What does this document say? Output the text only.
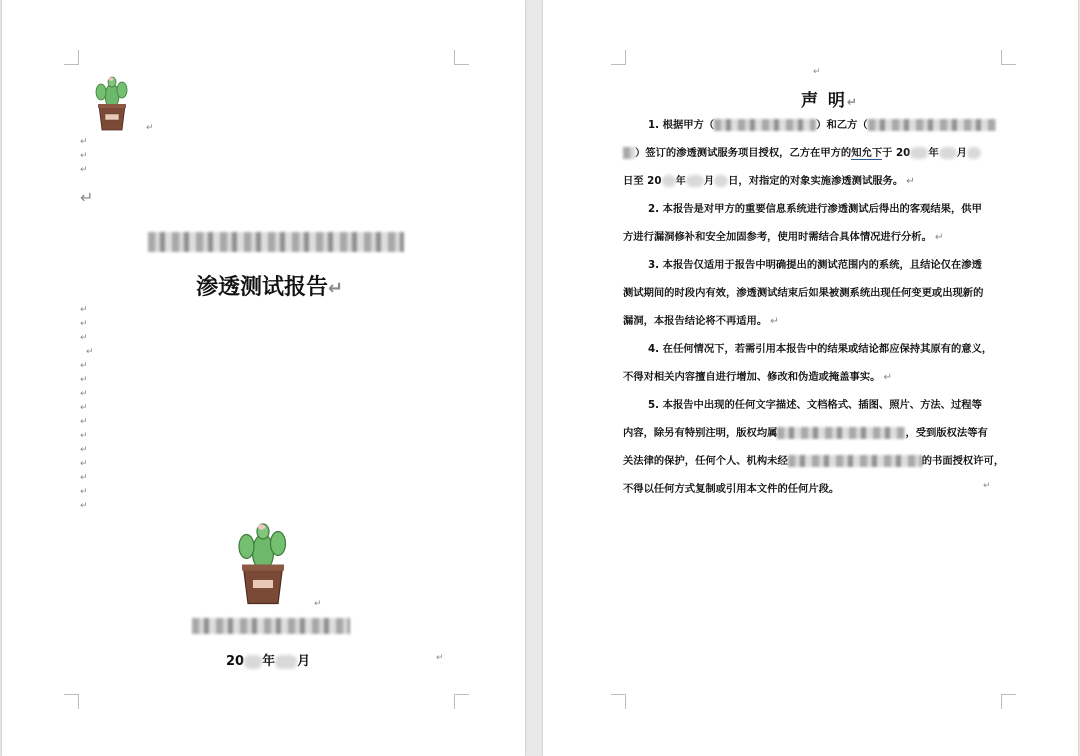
↵
↵
↵
↵
↵
渗透测试报告↵
↵
↵
↵
↵
↵
↵
↵
↵
↵
↵
↵
↵
↵
↵
↵
↵
20 年 月	↵
↵
声 明↵
1. 根据甲方（	）和乙方（
）签订的渗透测试服务项目授权，乙方在甲方的知允下于 20 年 月
日至 20 年 月 日，对指定的对象实施渗透测试服务。 ↵
2. 本报告是对甲方的重要信息系统进行渗透测试后得出的客观结果，供甲
方进行漏洞修补和安全加固参考，使用时需结合具体情况进行分析。 ↵
3. 本报告仅适用于报告中明确提出的测试范围内的系统，且结论仅在渗透
测试期间的时段内有效，渗透测试结束后如果被测系统出现任何变更或出现新的
漏洞，本报告结论将不再适用。 ↵
4. 在任何情况下，若需引用本报告中的结果或结论都应保持其原有的意义，
不得对相关内容擅自进行增加、修改和伪造或掩盖事实。 ↵
5. 本报告中出现的任何文字描述、文档格式、插图、照片、方法、过程等
内容，除另有特别注明，版权均属	，受到版权法等有
关法律的保护，任何个人、机构未经	的书面授权许可，
不得以任何方式复制或引用本文件的任何片段。	↵
